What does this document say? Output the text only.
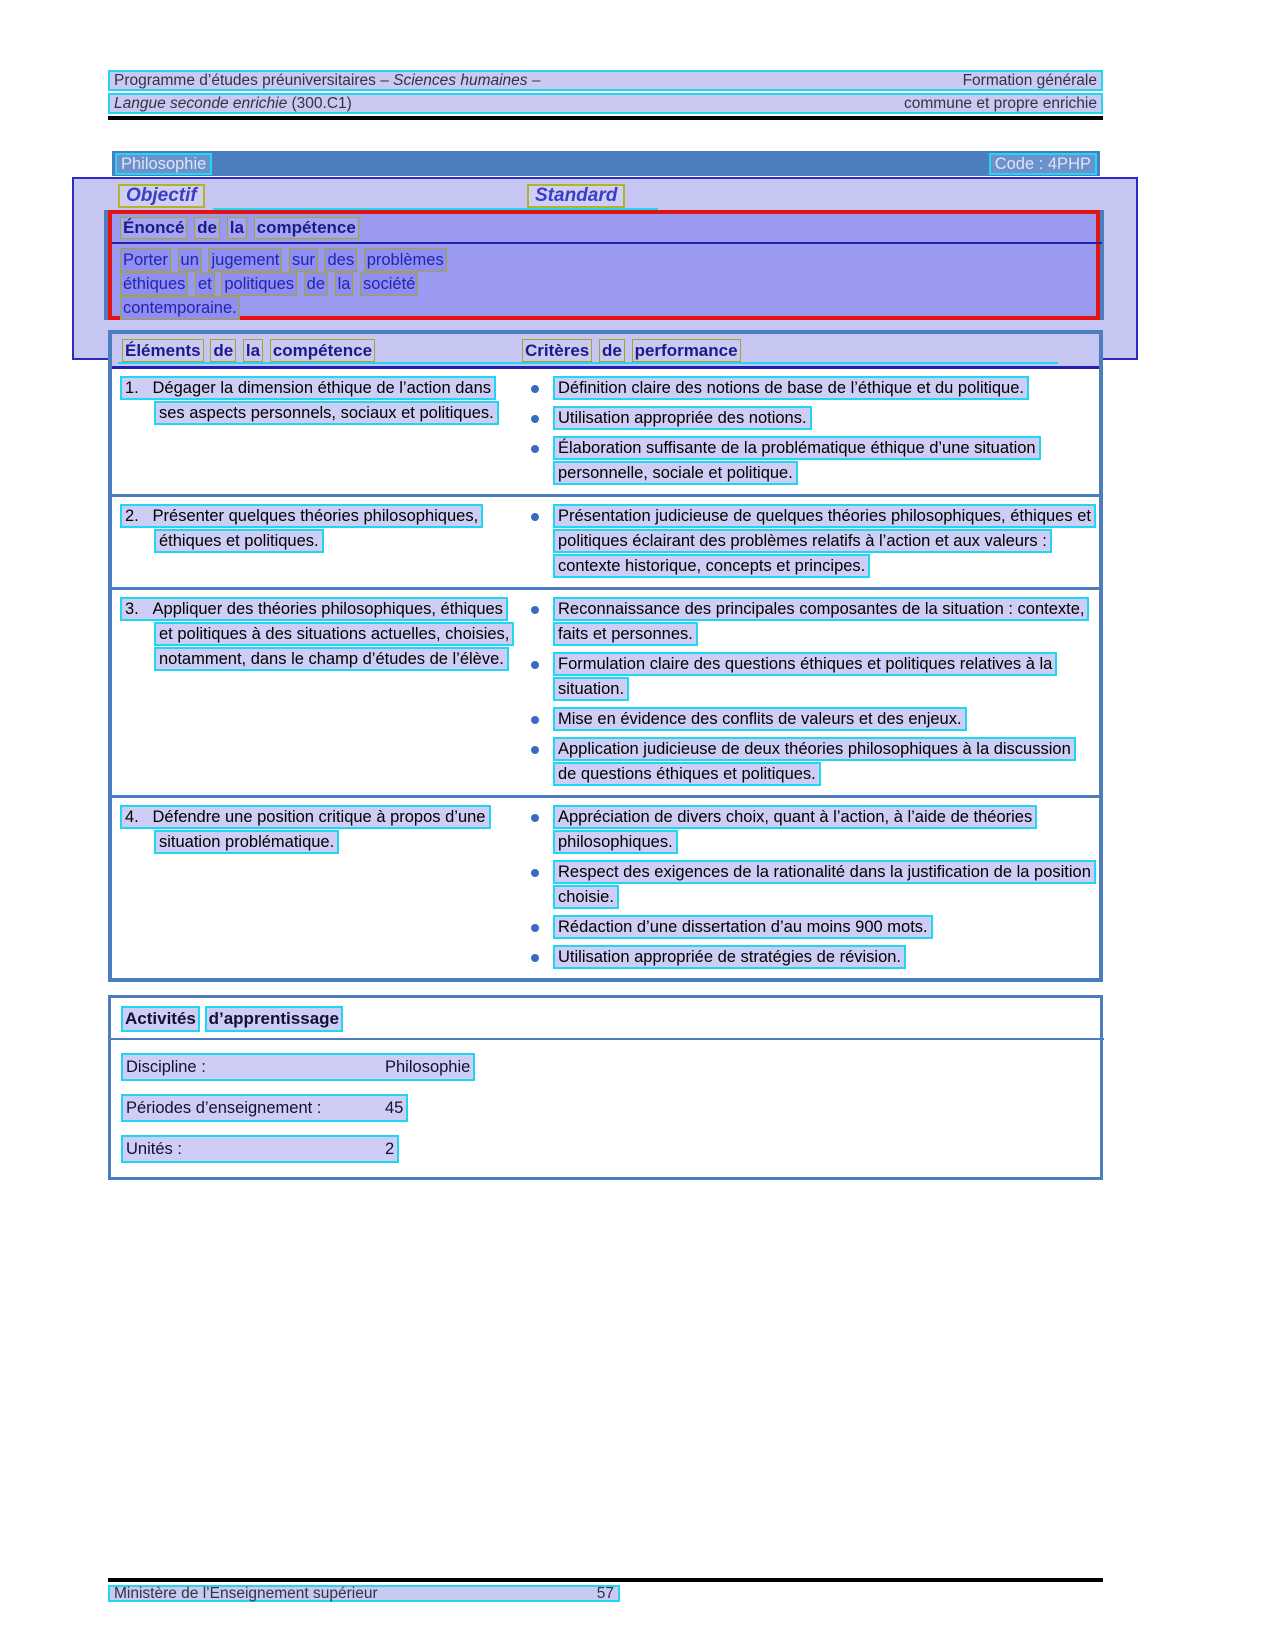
Programme d’études préuniversitaires – Sciences humaines –	Formation générale
Langue seconde enrichie (300.C1)	commune et propre enrichie
Philosophie	Code : 4PHP
Objectif	Standard
Énoncé de la compétence
Porter un jugement sur des problèmes éthiques et politiques de la société contemporaine.
Éléments de la compétence	Critères de performance
1.   Dégager la dimension éthique de l’action dans ses aspects personnels, sociaux et politiques.
Définition claire des notions de base de l’éthique et du politique.
Utilisation appropriée des notions.
Élaboration suffisante de la problématique éthique d’une situation personnelle, sociale et politique.
2.   Présenter quelques théories philosophiques, éthiques et politiques.
Présentation judicieuse de quelques théories philosophiques, éthiques et politiques éclairant des problèmes relatifs à l’action et aux valeurs : contexte historique, concepts et principes.
3.   Appliquer des théories philosophiques, éthiques et politiques à des situations actuelles, choisies, notamment, dans le champ d’études de l’élève.
Reconnaissance des principales composantes de la situation : contexte, faits et personnes.
Formulation claire des questions éthiques et politiques relatives à la situation.
Mise en évidence des conflits de valeurs et des enjeux.
Application judicieuse de deux théories philosophiques à la discussion de questions éthiques et politiques.
4.   Défendre une position critique à propos d’une situation problématique.
Appréciation de divers choix, quant à l’action, à l’aide de théories philosophiques.
Respect des exigences de la rationalité dans la justification de la position choisie.
Rédaction d’une dissertation d’au moins 900 mots.
Utilisation appropriée de stratégies de révision.
Activités d’apprentissage
Discipline :	Philosophie
Périodes d’enseignement :	45
Unités :	2
Ministère de l’Enseignement supérieur	57
